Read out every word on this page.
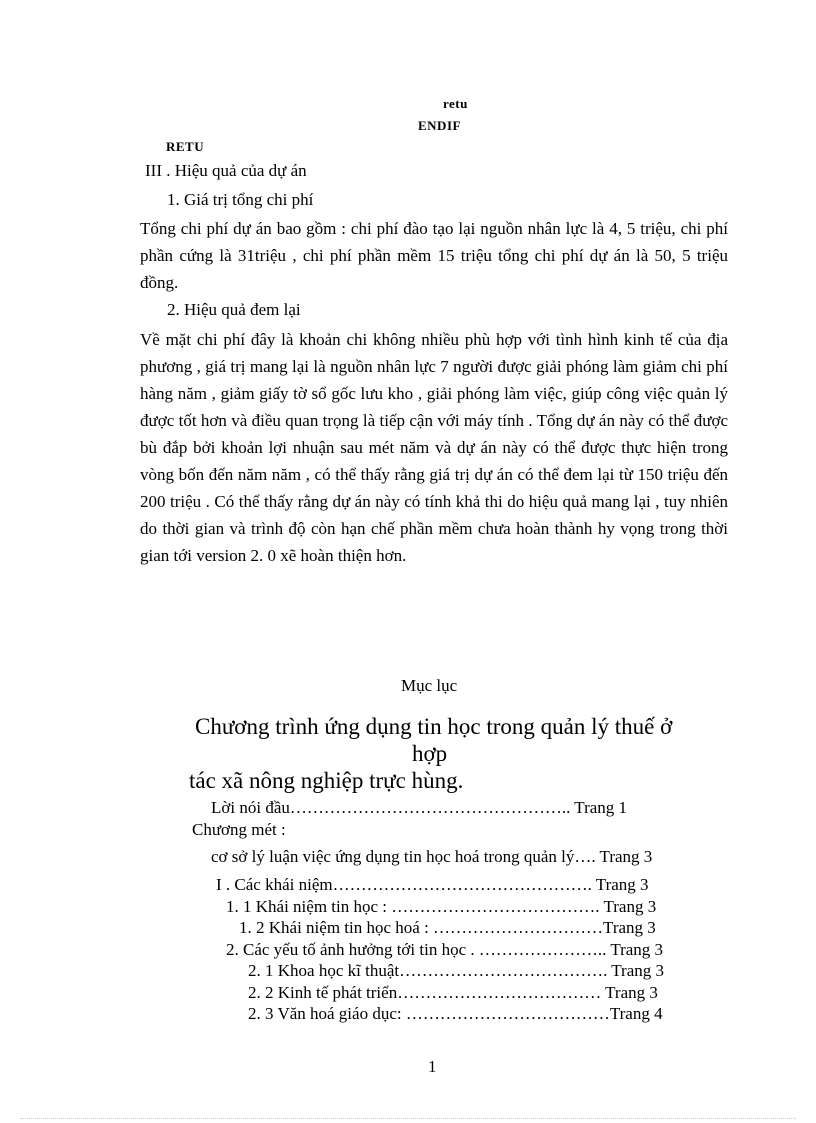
retu
ENDIF
RETU
III . Hiệu quả của dự án
1. Giá trị tổng chi phí
Tổng chi phí dự án bao gồm : chi phí đào tạo lại nguồn nhân lực là 4, 5 triệu, chi phí phần cứng là 31triệu , chi phí phần mềm 15 triệu tổng chi phí dự án là 50, 5 triệu đồng.
2. Hiệu quả đem lại
Về mặt chi phí đây là khoản chi không nhiều phù hợp với tình hình kinh tế của địa phương , giá trị mang lại là nguồn nhân lực 7 người được giải phóng làm giảm chi phí hàng năm , giảm giấy tờ sổ gốc lưu kho , giải phóng làm việc, giúp công việc quản lý được tốt hơn và điều quan trọng là tiếp cận với máy tính . Tổng dự án này có thể được bù đắp bởi khoản lợi nhuận sau mét năm và dự án này có thể được thực hiện trong vòng bốn đến năm năm , có thể thấy rằng giá trị dự án có thể đem lại từ 150 triệu đến 200 triệu . Có thể thấy rằng dự án này có tính khả thi do hiệu quả mang lại , tuy nhiên do thời gian và trình độ còn hạn chế phần mềm chưa hoàn thành hy vọng trong thời gian tới version 2. 0 xẽ hoàn thiện hơn.
Mục lục
Chương trình ứng dụng tin học trong quản lý thuế ở
hợp
tác xã nông nghiệp trực hùng.
Lời nói đầu………………………………………….. Trang 1
Chương mét :
cơ sở lý luận việc ứng dụng tin học hoá trong quản lý…. Trang 3
I . Các khái niệm………………………………………. Trang 3
1. 1 Khái niệm tin học : ………………………………. Trang 3
1. 2 Khái niệm tin học hoá : …………………………Trang 3
2. Các yếu tố ảnh hưởng tới tin học . ………………….. Trang 3
2. 1 Khoa học kĩ thuật………………………………. Trang 3
2. 2 Kinh tế phát triển……………………………… Trang 3
2. 3 Văn hoá giáo dục: ………………………………Trang 4
1
